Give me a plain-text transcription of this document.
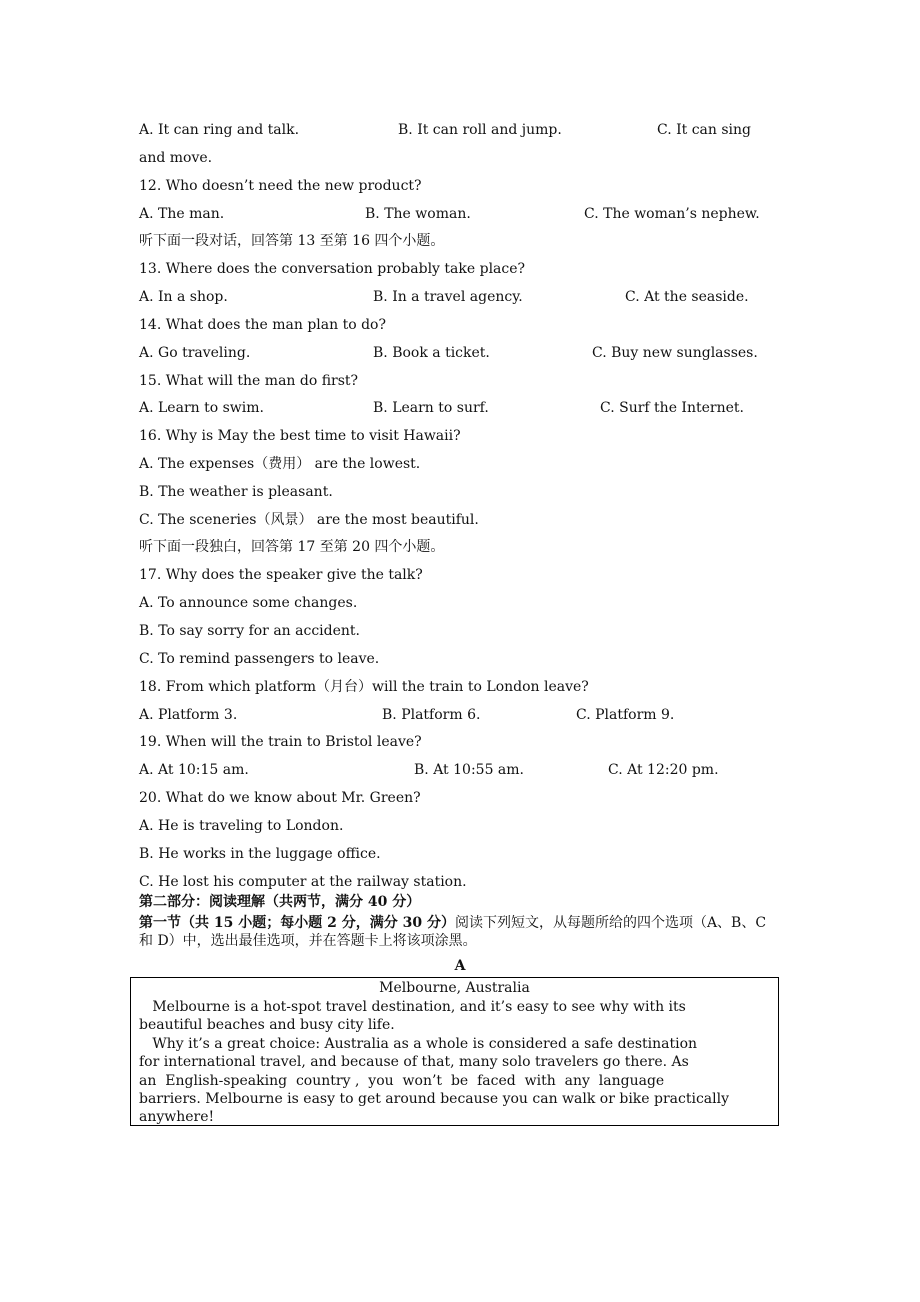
A. It can ring and talk.

	B. It can roll and jump.

	C. It can sing

and move.
12. Who doesn’t need the new product?

A. The man.

	B. The woman.

	C. The woman’s nephew.

听下面一段对话，回答第 13 至第 16 四个小题。
13. Where does the conversation probably take place?

A. In a shop.

	B. In a travel agency.

	C. At the seaside.

14. What does the man plan to do?

A. Go traveling.

	B. Book a ticket.

	C. Buy new sunglasses.

15. What will the man do first?

A. Learn to swim.

	B. Learn to surf.

	C. Surf the Internet.

16. Why is May the best time to visit Hawaii?
A. The expenses（费用） are the lowest.
B. The weather is pleasant.
C. The sceneries（风景） are the most beautiful.
听下面一段独白，回答第 17 至第 20 四个小题。
17. Why does the speaker give the talk?
A. To announce some changes.
B. To say sorry for an accident.
C. To remind passengers to leave.
18. From which platform（月台）will the train to London leave?

A. Platform 3.

	B. Platform 6.

	C. Platform 9.

19. When will the train to Bristol leave?

A. At 10:15 am.

	B. At 10:55 am.

	C. At 12:20 pm.

20. What do we know about Mr. Green?
A. He is traveling to London.
B. He works in the luggage office.
C. He lost his computer at the railway station.
第二部分：阅读理解（共两节，满分 40 分）
第一节（共 15 小题；每小题 2 分，满分 30 分）阅读下列短文，从每题所给的四个选项（A、B、C 和 D）中，选出最佳选项，并在答题卡上将该项涂黑。
A
Melbourne, Australia
Melbourne is a hot-spot travel destination, and it’s easy to see why with its
beautiful beaches and busy city life.
Why it’s a great choice: Australia as a whole is considered a safe destination
for international travel, and because of that, many solo travelers go there. As
an  English-speaking  country ,  you  won’t  be  faced  with  any  language
barriers. Melbourne is easy to get around because you can walk or bike practically
anywhere!
